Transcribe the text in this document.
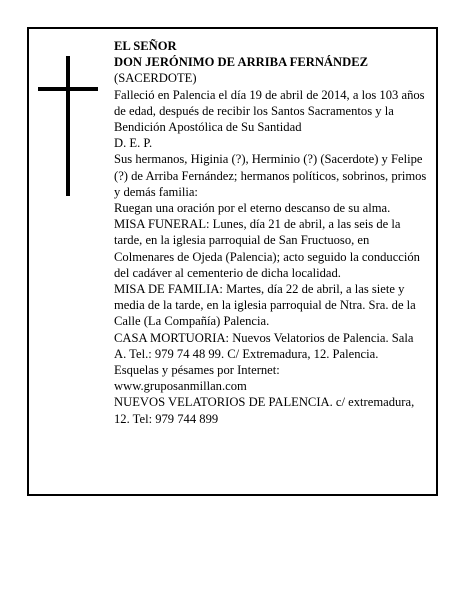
EL SEÑOR

DON JERÓNIMO DE ARRIBA FERNÁNDEZ

(SACERDOTE)

Falleció en Palencia el día 19 de abril de 2014, a los 103 años de edad, después de recibir los Santos Sacramentos y la Bendición Apostólica de Su Santidad

D. E. P.

Sus hermanos, Higinia (?), Herminio (?) (Sacerdote) y Felipe (?) de Arriba Fernández; hermanos políticos, sobrinos, primos y demás familia:

Ruegan una oración por el eterno descanso de su alma.

MISA FUNERAL: Lunes, día 21 de abril, a las seis de la tarde, en la iglesia parroquial de San Fructuoso, en Colmenares de Ojeda (Palencia); acto seguido la conducción del cadáver al cementerio de dicha localidad.

MISA DE FAMILIA: Martes, día 22 de abril, a las siete y media de la tarde, en la iglesia parroquial de Ntra. Sra. de la Calle (La Compañía) Palencia.

CASA MORTUORIA: Nuevos Velatorios de Palencia. Sala A. Tel.: 979 74 48 99. C/ Extremadura, 12. Palencia.

Esquelas y pésames por Internet:

www.gruposanmillan.com

NUEVOS VELATORIOS DE PALENCIA. c/ extremadura, 12. Tel: 979 744 899
